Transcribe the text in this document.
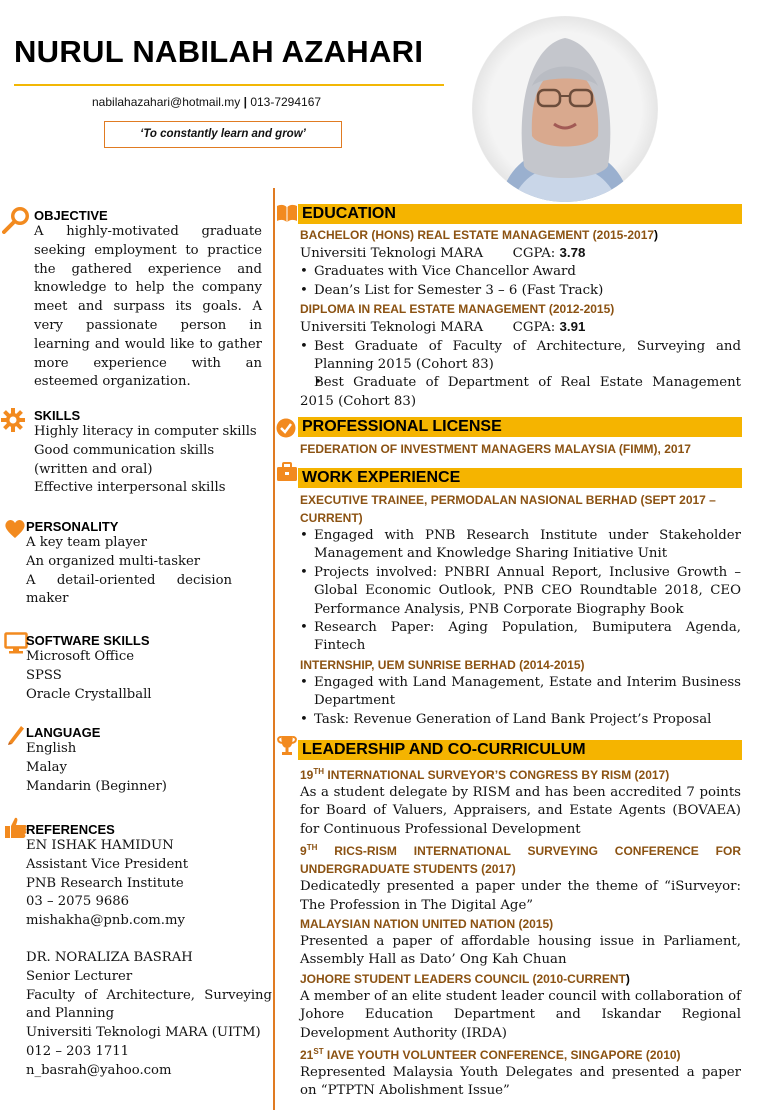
NURUL NABILAH AZAHARI
nabilahazahari@hotmail.my | 013-7294167
‘To constantly learn and grow’
OBJECTIVE
A highly-motivated graduate seeking employment to practice the gathered experience and knowledge to help the company meet and surpass its goals. A very passionate person in learning and would like to gather more experience with an esteemed organization.
SKILLS
Highly literacy in computer skills
Good communication skills
(written and oral)
Effective interpersonal skills
PERSONALITY
A key team player
An organized multi-tasker
A detail-oriented decision maker
SOFTWARE SKILLS
Microsoft Office
SPSS
Oracle Crystallball
LANGUAGE
English
Malay
Mandarin (Beginner)
REFERENCES
EN ISHAK HAMIDUN
Assistant Vice President
PNB Research Institute
03 – 2075 9686
mishakha@pnb.com.my
DR. NORALIZA BASRAH
Senior Lecturer
Faculty of Architecture, Surveying and Planning
Universiti Teknologi MARA (UITM)
012 – 203 1711
n_basrah@yahoo.com
EDUCATION
BACHELOR (HONS) REAL ESTATE MANAGEMENT (2015-2017)
Universiti Teknologi MARA CGPA: 3.78
• Graduates with Vice Chancellor Award
• Dean’s List for Semester 3 – 6 (Fast Track)
DIPLOMA IN REAL ESTATE MANAGEMENT (2012-2015)
Universiti Teknologi MARA CGPA: 3.91
• Best Graduate of Faculty of Architecture, Surveying and Planning 2015 (Cohort 83)
• Best Graduate of Department of Real Estate Management 2015 (Cohort 83)
PROFESSIONAL LICENSE
FEDERATION OF INVESTMENT MANAGERS MALAYSIA (FIMM), 2017
WORK EXPERIENCE
EXECUTIVE TRAINEE, PERMODALAN NASIONAL BERHAD (SEPT 2017 – CURRENT)
• Engaged with PNB Research Institute under Stakeholder Management and Knowledge Sharing Initiative Unit
• Projects involved: PNBRI Annual Report, Inclusive Growth – Global Economic Outlook, PNB CEO Roundtable 2018, CEO Performance Analysis, PNB Corporate Biography Book
• Research Paper: Aging Population, Bumiputera Agenda, Fintech
INTERNSHIP, UEM SUNRISE BERHAD (2014-2015)
• Engaged with Land Management, Estate and Interim Business Department
• Task: Revenue Generation of Land Bank Project’s Proposal
LEADERSHIP AND CO-CURRICULUM
19TH INTERNATIONAL SURVEYOR’S CONGRESS BY RISM (2017)
As a student delegate by RISM and has been accredited 7 points for Board of Valuers, Appraisers, and Estate Agents (BOVAEA) for Continuous Professional Development
9TH RICS-RISM INTERNATIONAL SURVEYING CONFERENCE FOR UNDERGRADUATE STUDENTS (2017)
Dedicatedly presented a paper under the theme of “iSurveyor: The Profession in The Digital Age”
MALAYSIAN NATION UNITED NATION (2015)
Presented a paper of affordable housing issue in Parliament, Assembly Hall as Dato’ Ong Kah Chuan
JOHORE STUDENT LEADERS COUNCIL (2010-CURRENT)
A member of an elite student leader council with collaboration of Johore Education Department and Iskandar Regional Development Authority (IRDA)
21ST IAVE YOUTH VOLUNTEER CONFERENCE, SINGAPORE (2010)
Represented Malaysia Youth Delegates and presented a paper on “PTPTN Abolishment Issue”
